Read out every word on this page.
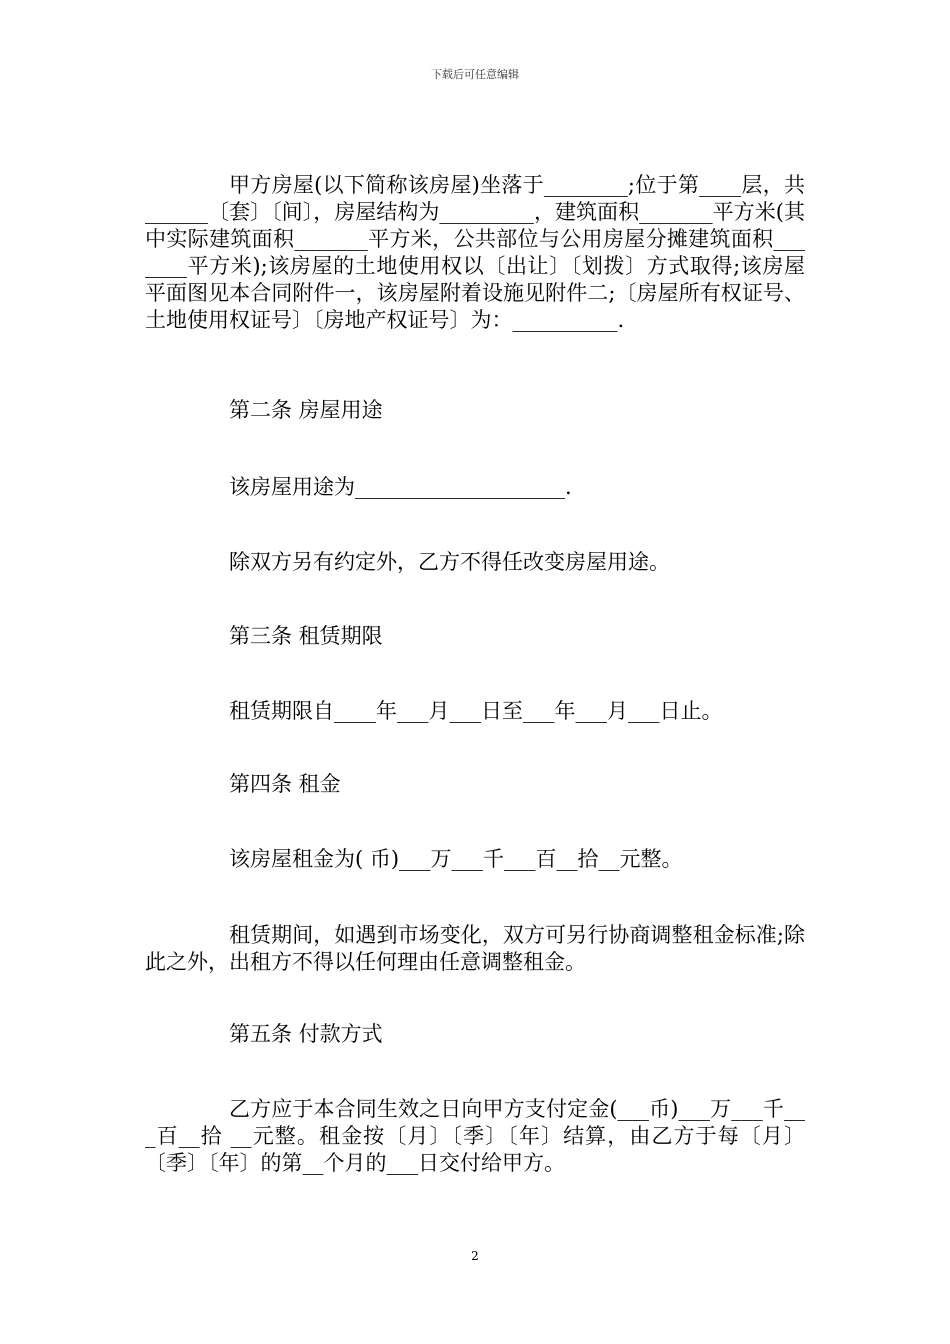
下载后可任意编辑

甲方房屋(以下简称该房屋)坐落于________;位于第____层，共______〔套〕〔间〕，房屋结构为_________，建筑面积_______平方米(其中实际建筑面积_______平方米，公共部位与公用房屋分摊建筑面积_______平方米);该房屋的土地使用权以〔出让〕〔划拨〕方式取得;该房屋平面图见本合同附件一，该房屋附着设施见附件二;〔房屋所有权证号、土地使用权证号〕〔房地产权证号〕为：__________.

第二条 房屋用途

该房屋用途为____________________.

除双方另有约定外，乙方不得任改变房屋用途。

第三条 租赁期限

租赁期限自____年___月___日至___年___月___日止。

第四条 租金

该房屋租金为( 币)___万___千___百__拾__元整。

租赁期间，如遇到市场变化，双方可另行协商调整租金标准;除此之外，出租方不得以任何理由任意调整租金。

第五条 付款方式

乙方应于本合同生效之日向甲方支付定金(___币)___万___千___百__拾 __元整。租金按〔月〕〔季〕〔年〕结算，由乙方于每〔月〕〔季〕〔年〕的第__个月的___日交付给甲方。

2
